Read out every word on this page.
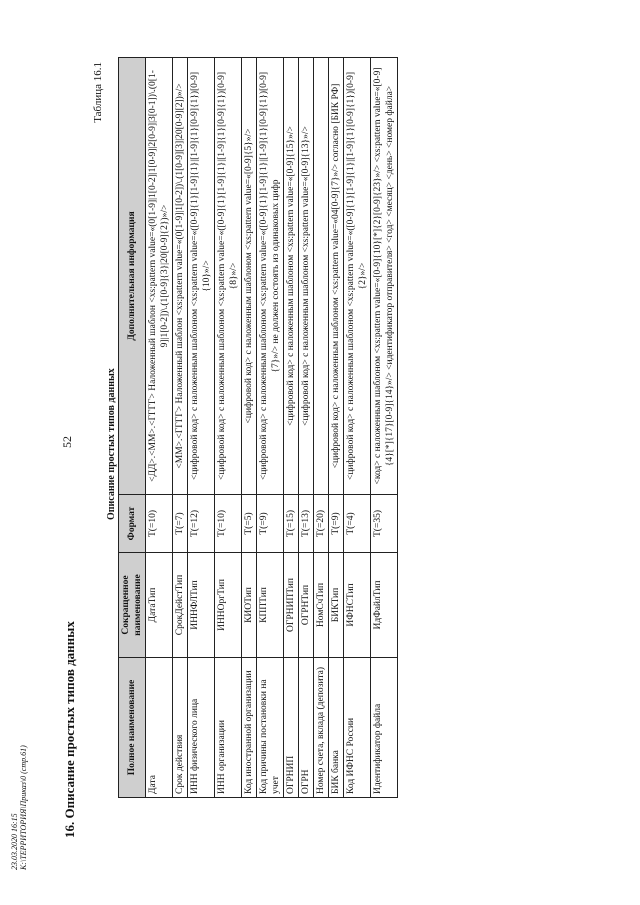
52
16. Описание простых типов данных
Таблица 16.1
Описание простых типов данных
Полное наименование	Сокращенное наименование	Формат	Дополнительная информация
Дата	ДатаТип	T(=10)	<ДД>.<ММ>.<ГГГГ> Наложенный шаблон <xs:pattern value=«(0[1-9]|1[0-2]|1[0-9]|2[0-9]|3[0-1])\.(0[1-9]|1[0-2])\.(1[0-9]{3}|20[0-9]{2})»/>
Срок действия	СрокДейстТип	T(=7)	<ММ>.<ГГГГ> Наложенный шаблон <xs:pattern value=«(0[1-9]|1[0-2])\.(1[0-9][3]|20[0-9][2])»/>
ИНН физического лица	ИННФЛТип	T(=12)	<цифровой код> с наложенным шаблоном <xs:pattern value=«([0-9]{1}[1-9]{1}|[1-9]{1}[0-9]{1})[0-9]{10}»/>
ИНН организации	ИННОргТип	T(=10)	<цифровой код> с наложенным шаблоном <xs:pattern value=«([0-9]{1}[1-9]{1}|[1-9]{1}[0-9]{1})[0-9]{8}»/>
Код иностранной организации	КИОТип	T(=5)	<цифровой код> с наложенным шаблоном <xs:pattern value=«[0-9]{5}»/>
Код причины постановки на учет	КППТип	T(=9)	<цифровой код> с наложенным шаблоном <xs:pattern value=«([0-9]{1}[1-9]{1}|[1-9]{1}[0-9]{1})[0-9]{7}»/> не должен состоять из одинаковых цифр
ОГРНИП	ОГРНИПТип	T(=15)	<цифровой код> с наложенным шаблоном <xs:pattern value=«[0-9]{15}»/>
ОГРН	ОГРНТип	T(=13)	<цифровой код> с наложенным шаблоном <xs:pattern value=«[0-9]{13}»/>
Номер счета, вклада (депозита)	НомСчТип	T(=20)	
БИК банка	БИКТип	T(=9)	<цифровой код> с наложенным шаблоном <xs:pattern value=«04[0-9]{7}»/> согласно [БИК РФ]
Код ИФНС России	ИФНСТип	T(=4)	<цифровой код> с наложенным шаблоном <xs:pattern value=«([0-9]{1}[1-9]{1}|[1-9]{1}[0-9]{1})[0-9]{2}»/>
Идентификатор файла	ИдФайлТип	T(=35)	<код> с наложенным шаблоном <xs:pattern value=«[0-9]{10}[*]{2}[0-9]{23}»/> <xs:pattern value=«[0-9]{4}[*]{17}[0-9]{14}»/> <идентификатор отправителя> <год> <месяц> <день> <номер файла>
23.03.2020 16:15 К:\ТЕРРИТОРИЯ\Приказ\0 (стр.61)
